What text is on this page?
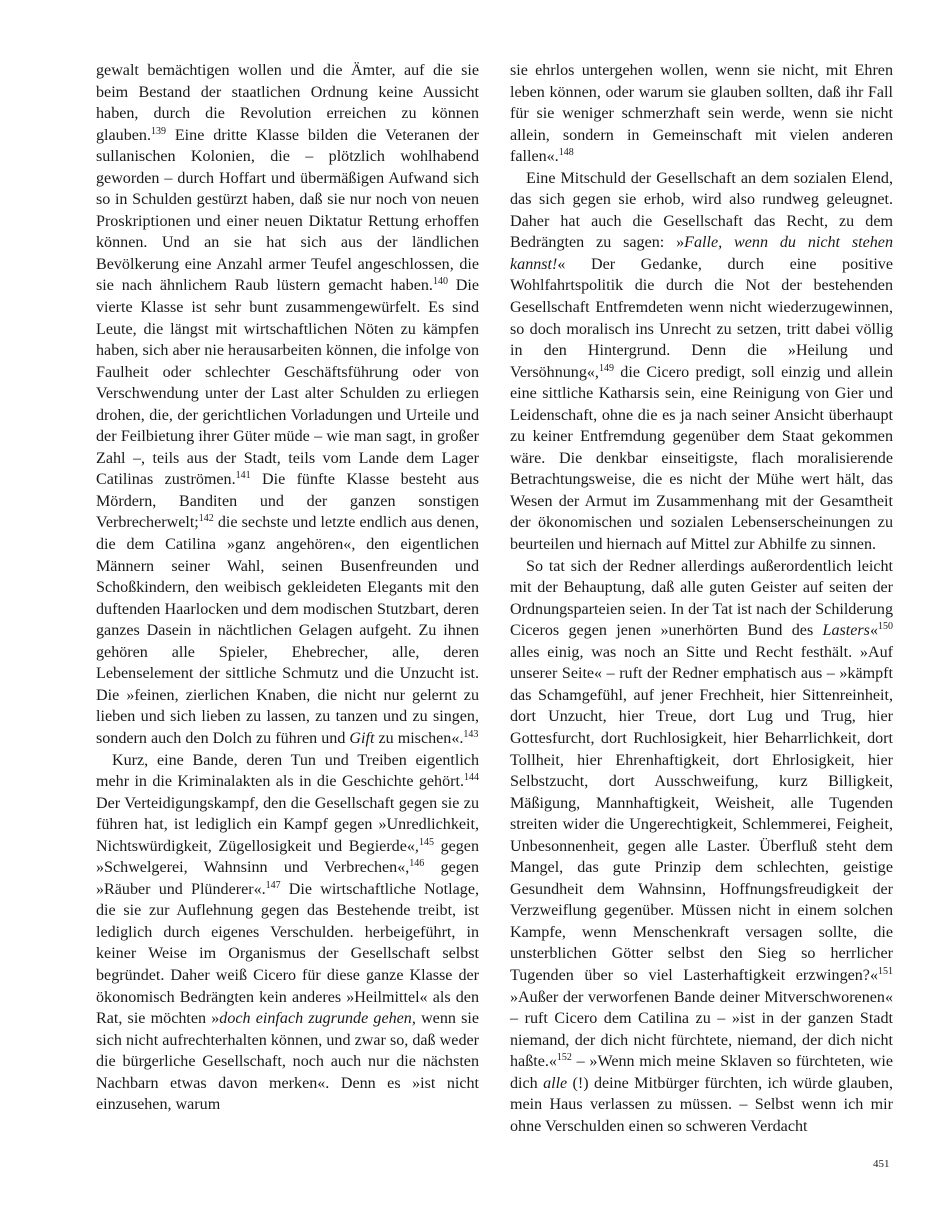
gewalt bemächtigen wollen und die Ämter, auf die sie beim Bestand der staatlichen Ordnung keine Aussicht haben, durch die Revolution erreichen zu können glauben.$^{139}$ Eine dritte Klasse bilden die Veteranen der sullanischen Kolonien, die – plötzlich wohlhabend geworden – durch Hoffart und übermäßigen Aufwand sich so in Schulden gestürzt haben, daß sie nur noch von neuen Proskriptionen und einer neuen Diktatur Rettung erhoffen können. Und an sie hat sich aus der ländlichen Bevölkerung eine Anzahl armer Teufel angeschlossen, die sie nach ähnlichem Raub lüstern gemacht haben.$^{140}$ Die vierte Klasse ist sehr bunt zusammengewürfelt. Es sind Leute, die längst mit wirtschaftlichen Nöten zu kämpfen haben, sich aber nie herausarbeiten können, die infolge von Faulheit oder schlechter Geschäftsführung oder von Verschwendung unter der Last alter Schulden zu erliegen drohen, die, der gerichtlichen Vorladungen und Urteile und der Feilbietung ihrer Güter müde – wie man sagt, in großer Zahl –, teils aus der Stadt, teils vom Lande dem Lager Catilinas zuströmen.$^{141}$ Die fünfte Klasse besteht aus Mördern, Banditen und der ganzen sonstigen Verbrecherwelt;$^{142}$ die sechste und letzte endlich aus denen, die dem Catilina »ganz angehören«, den eigentlichen Männern seiner Wahl, seinen Busenfreunden und Schoßkindern, den weibisch gekleideten Elegants mit den duftenden Haarlocken und dem modischen Stutzbart, deren ganzes Dasein in nächtlichen Gelagen aufgeht. Zu ihnen gehören alle Spieler, Ehebrecher, alle, deren Lebenselement der sittliche Schmutz und die Unzucht ist. Die »feinen, zierlichen Knaben, die nicht nur gelernt zu lieben und sich lieben zu lassen, zu tanzen und zu singen, sondern auch den Dolch zu führen und Gift zu mischen«.$^{143}$

Kurz, eine Bande, deren Tun und Treiben eigentlich mehr in die Kriminalakten als in die Geschichte gehört.$^{144}$ Der Verteidigungskampf, den die Gesellschaft gegen sie zu führen hat, ist lediglich ein Kampf gegen »Unredlichkeit, Nichtswürdigkeit, Zügellosigkeit und Begierde«,$^{145}$ gegen »Schwelgerei, Wahnsinn und Verbrechen«,$^{146}$ gegen »Räuber und Plünderer«.$^{147}$ Die wirtschaftliche Notlage, die sie zur Auflehnung gegen das Bestehende treibt, ist lediglich durch eigenes Verschulden. herbeigeführt, in keiner Weise im Organismus der Gesellschaft selbst begründet. Daher weiß Cicero für diese ganze Klasse der ökonomisch Bedrängten kein anderes »Heilmittel« als den Rat, sie möchten »doch einfach zugrunde gehen, wenn sie sich nicht aufrechterhalten können, und zwar so, daß weder die bürgerliche Gesellschaft, noch auch nur die nächsten Nachbarn etwas davon merken«. Denn es »ist nicht einzusehen, warum

sie ehrlos untergehen wollen, wenn sie nicht, mit Ehren leben können, oder warum sie glauben sollten, daß ihr Fall für sie weniger schmerzhaft sein werde, wenn sie nicht allein, sondern in Gemeinschaft mit vielen anderen fallen«.$^{148}$

Eine Mitschuld der Gesellschaft an dem sozialen Elend, das sich gegen sie erhob, wird also rundweg geleugnet. Daher hat auch die Gesellschaft das Recht, zu dem Bedrängten zu sagen: »Falle, wenn du nicht stehen kannst!« Der Gedanke, durch eine positive Wohlfahrtspolitik die durch die Not der bestehenden Gesellschaft Entfremdeten wenn nicht wiederzugewinnen, so doch moralisch ins Unrecht zu setzen, tritt dabei völlig in den Hintergrund. Denn die »Heilung und Versöhnung«,$^{149}$ die Cicero predigt, soll einzig und allein eine sittliche Katharsis sein, eine Reinigung von Gier und Leidenschaft, ohne die es ja nach seiner Ansicht überhaupt zu keiner Entfremdung gegenüber dem Staat gekommen wäre. Die denkbar einseitigste, flach moralisierende Betrachtungsweise, die es nicht der Mühe wert hält, das Wesen der Armut im Zusammenhang mit der Gesamtheit der ökonomischen und sozialen Lebenserscheinungen zu beurteilen und hiernach auf Mittel zur Abhilfe zu sinnen.

So tat sich der Redner allerdings außerordentlich leicht mit der Behauptung, daß alle guten Geister auf seiten der Ordnungsparteien seien. In der Tat ist nach der Schilderung Ciceros gegen jenen »unerhörten Bund des Lasters«$^{150}$ alles einig, was noch an Sitte und Recht festhält. »Auf unserer Seite« – ruft der Redner emphatisch aus – »kämpft das Schamgefühl, auf jener Frechheit, hier Sittenreinheit, dort Unzucht, hier Treue, dort Lug und Trug, hier Gottesfurcht, dort Ruchlosigkeit, hier Beharrlichkeit, dort Tollheit, hier Ehrenhaftigkeit, dort Ehrlosigkeit, hier Selbstzucht, dort Ausschweifung, kurz Billigkeit, Mäßigung, Mannhaftigkeit, Weisheit, alle Tugenden streiten wider die Ungerechtigkeit, Schlemmerei, Feigheit, Unbesonnenheit, gegen alle Laster. Überfluß steht dem Mangel, das gute Prinzip dem schlechten, geistige Gesundheit dem Wahnsinn, Hoffnungsfreudigkeit der Verzweiflung gegenüber. Müssen nicht in einem solchen Kampfe, wenn Menschenkraft versagen sollte, die unsterblichen Götter selbst den Sieg so herrlicher Tugenden über so viel Lasterhaftigkeit erzwingen?«$^{151}$ »Außer der verworfenen Bande deiner Mitverschworenen« – ruft Cicero dem Catilina zu – »ist in der ganzen Stadt niemand, der dich nicht fürchtete, niemand, der dich nicht haßte.«$^{152}$ – »Wenn mich meine Sklaven so fürchteten, wie dich alle (!) deine Mitbürger fürchten, ich würde glauben, mein Haus verlassen zu müssen. – Selbst wenn ich mir ohne Verschulden einen so schweren Verdacht

451
